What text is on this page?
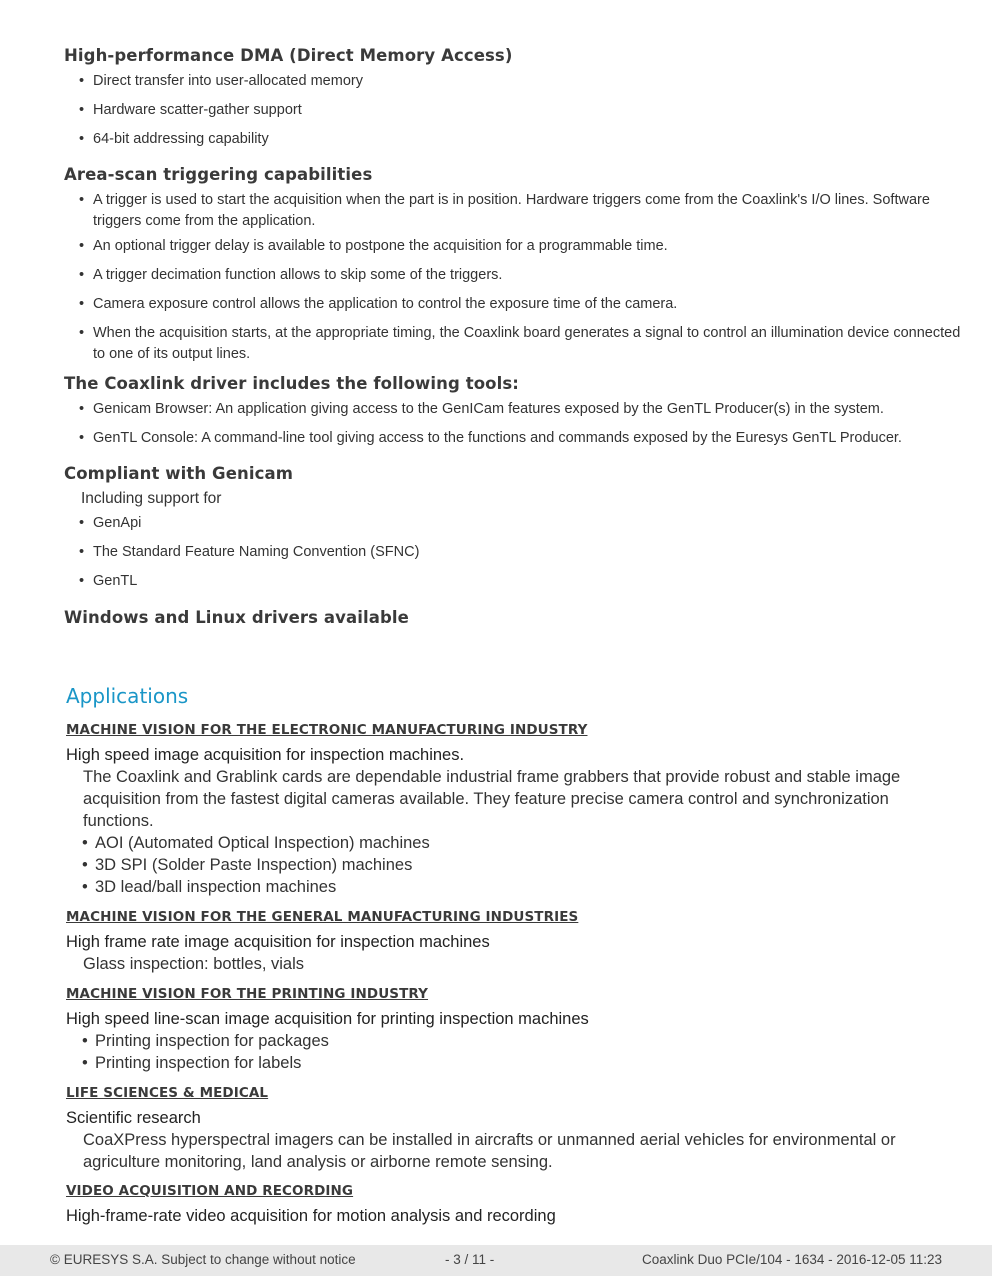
High-performance DMA (Direct Memory Access)
• Direct transfer into user-allocated memory
• Hardware scatter-gather support
• 64-bit addressing capability
Area-scan triggering capabilities
• A trigger is used to start the acquisition when the part is in position. Hardware triggers come from the Coaxlink's I/O lines. Software triggers come from the application.
• An optional trigger delay is available to postpone the acquisition for a programmable time.
• A trigger decimation function allows to skip some of the triggers.
• Camera exposure control allows the application to control the exposure time of the camera.
• When the acquisition starts, at the appropriate timing, the Coaxlink board generates a signal to control an illumination device connected to one of its output lines.
The Coaxlink driver includes the following tools:
• Genicam Browser: An application giving access to the GenICam features exposed by the GenTL Producer(s) in the system.
• GenTL Console: A command-line tool giving access to the functions and commands exposed by the Euresys GenTL Producer.
Compliant with Genicam

Including support for

• GenApi
• The Standard Feature Naming Convention (SFNC)
• GenTL
Windows and Linux drivers available
Applications
MACHINE VISION FOR THE ELECTRONIC MANUFACTURING INDUSTRY

High speed image acquisition for inspection machines.

The Coaxlink and Grablink cards are dependable industrial frame grabbers that provide robust and stable image acquisition from the fastest digital cameras available. They feature precise camera control and synchronization functions.

• AOI (Automated Optical Inspection) machines
• 3D SPI (Solder Paste Inspection) machines
• 3D lead/ball inspection machines
MACHINE VISION FOR THE GENERAL MANUFACTURING INDUSTRIES

High frame rate image acquisition for inspection machines

Glass inspection: bottles, vials

MACHINE VISION FOR THE PRINTING INDUSTRY

High speed line-scan image acquisition for printing inspection machines

• Printing inspection for packages
• Printing inspection for labels
LIFE SCIENCES & MEDICAL

Scientific research

CoaXPress hyperspectral imagers can be installed in aircrafts or unmanned aerial vehicles for environmental or agriculture monitoring, land analysis or airborne remote sensing.

VIDEO ACQUISITION AND RECORDING

High-frame-rate video acquisition for motion analysis and recording

© EURESYS S.A. Subject to change without notice	- 3 / 11 -	Coaxlink Duo PCIe/104 - 1634 - 2016-12-05 11:23
